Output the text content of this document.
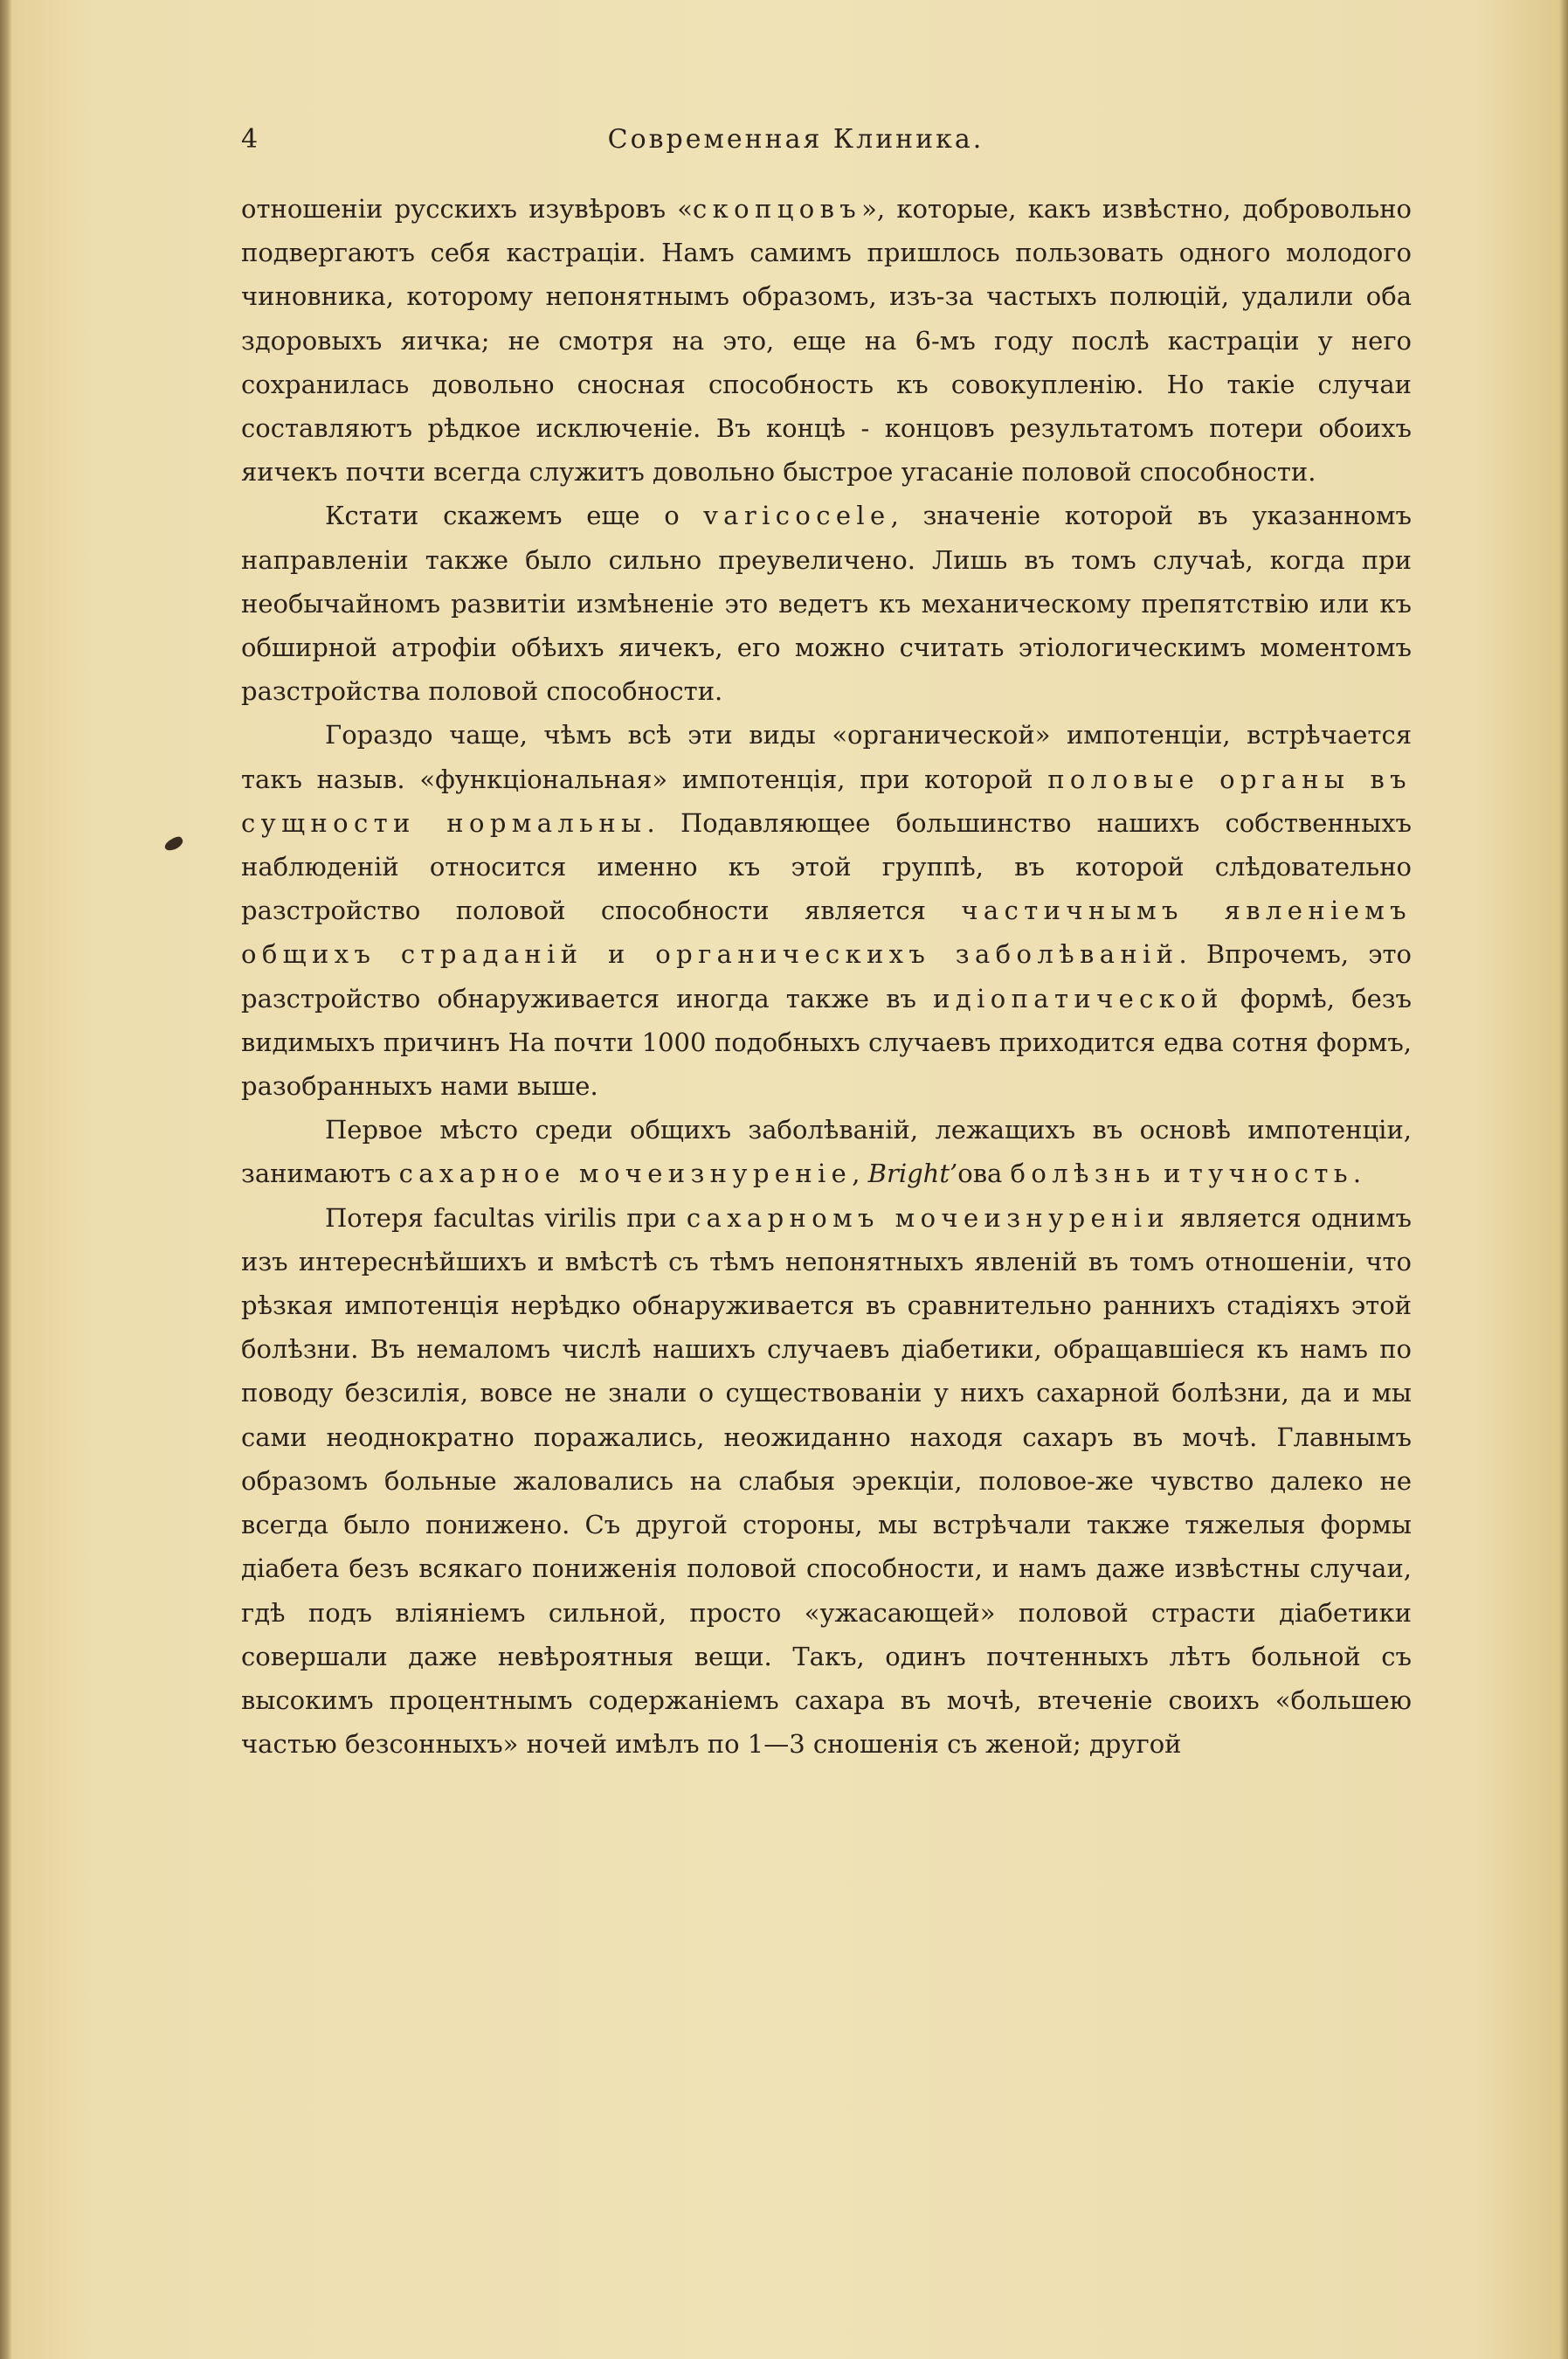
4	Современная Клиника.

отношеніи русскихъ изувѣровъ «скопцовъ», которые, какъ извѣстно, добровольно подвергаютъ себя кастраціи. Намъ самимъ пришлось пользовать одного молодого чиновника, которому непонятнымъ образомъ, изъ-за частыхъ полюцій, удалили оба здоровыхъ яичка; не смотря на это, еще на 6-мъ году послѣ кастраціи у него сохранилась довольно сносная способность къ совокупленію. Но такіе случаи составляютъ рѣдкое исключеніе. Въ концѣ - концовъ результатомъ потери обоихъ яичекъ почти всегда служитъ довольно быстрое угасаніе половой способности.

Кстати скажемъ еще о varicocele, значеніе которой въ указанномъ направленіи также было сильно преувеличено. Лишь въ томъ случаѣ, когда при необычайномъ развитіи измѣненіе это ведетъ къ механическому препятствію или къ обширной атрофіи обѣихъ яичекъ, его можно считать этіологическимъ моментомъ разстройства половой способности.

Гораздо чаще, чѣмъ всѣ эти виды «органической» импотенціи, встрѣчается такъ назыв. «функціональная» импотенція, при которой половые органы въ сущности нормальны. Подавляющее большинство нашихъ собственныхъ наблюденій относится именно къ этой группѣ, въ которой слѣдовательно разстройство половой способности является частичнымъ явленіемъ общихъ страданій и органическихъ заболѣваній. Впрочемъ, это разстройство обнаруживается иногда также въ идіопатической формѣ, безъ видимыхъ причинъ На почти 1000 подобныхъ случаевъ приходится едва сотня формъ, разобранныхъ нами выше.

Первое мѣсто среди общихъ заболѣваній, лежащихъ въ основѣ импотенціи, занимаютъ сахарное мочеизнуреніе, Bright’ова болѣзнь и тучность.

Потеря facultas virilis при сахарномъ мочеизнуреніи является однимъ изъ интереснѣйшихъ и вмѣстѣ съ тѣмъ непонятныхъ явленій въ томъ отношеніи, что рѣзкая импотенція нерѣдко обнаруживается въ сравнительно раннихъ стадіяхъ этой болѣзни. Въ немаломъ числѣ нашихъ случаевъ діабетики, обращавшіеся къ намъ по поводу безсилія, вовсе не знали о существованіи у нихъ сахарной болѣзни, да и мы сами неоднократно поражались, неожиданно находя сахаръ въ мочѣ. Главнымъ образомъ больные жаловались на слабыя эрекціи, половое-же чувство далеко не всегда было понижено. Съ другой стороны, мы встрѣчали также тяжелыя формы діабета безъ всякаго пониженія половой способности, и намъ даже извѣстны случаи, гдѣ подъ вліяніемъ сильной, просто «ужасающей» половой страсти діабетики совершали даже невѣроятныя вещи. Такъ, одинъ почтенныхъ лѣтъ больной съ высокимъ процентнымъ содержаніемъ сахара въ мочѣ, втеченіе своихъ «большею частью безсонныхъ» ночей имѣлъ по 1—3 сношенія съ женой; другой
